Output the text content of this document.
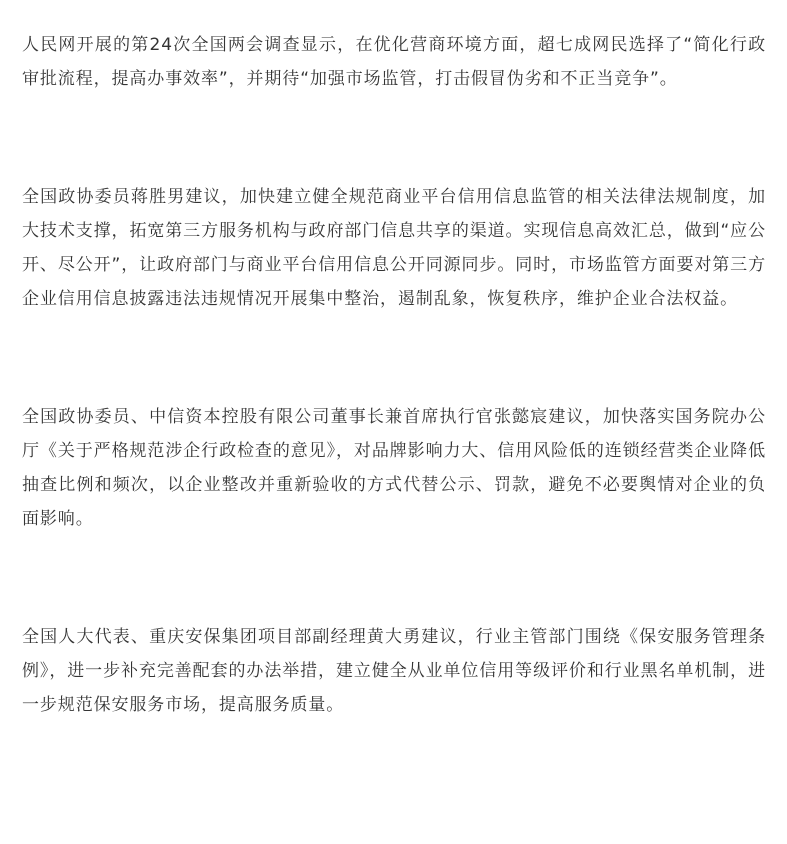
人民网开展的第24次全国两会调查显示，在优化营商环境方面，超七成网民选择了“简化行政审批流程，提高办事效率”，并期待“加强市场监管，打击假冒伪劣和不正当竞争”。

全国政协委员蒋胜男建议，加快建立健全规范商业平台信用信息监管的相关法律法规制度，加大技术支撑，拓宽第三方服务机构与政府部门信息共享的渠道。实现信息高效汇总，做到“应公开、尽公开”，让政府部门与商业平台信用信息公开同源同步。同时，市场监管方面要对第三方企业信用信息披露违法违规情况开展集中整治，遏制乱象，恢复秩序，维护企业合法权益。

全国政协委员、中信资本控股有限公司董事长兼首席执行官张懿宸建议，加快落实国务院办公厅《关于严格规范涉企行政检查的意见》，对品牌影响力大、信用风险低的连锁经营类企业降低抽查比例和频次，以企业整改并重新验收的方式代替公示、罚款，避免不必要舆情对企业的负面影响。

全国人大代表、重庆安保集团项目部副经理黄大勇建议，行业主管部门围绕《保安服务管理条例》，进一步补充完善配套的办法举措，建立健全从业单位信用等级评价和行业黑名单机制，进一步规范保安服务市场，提高服务质量。
